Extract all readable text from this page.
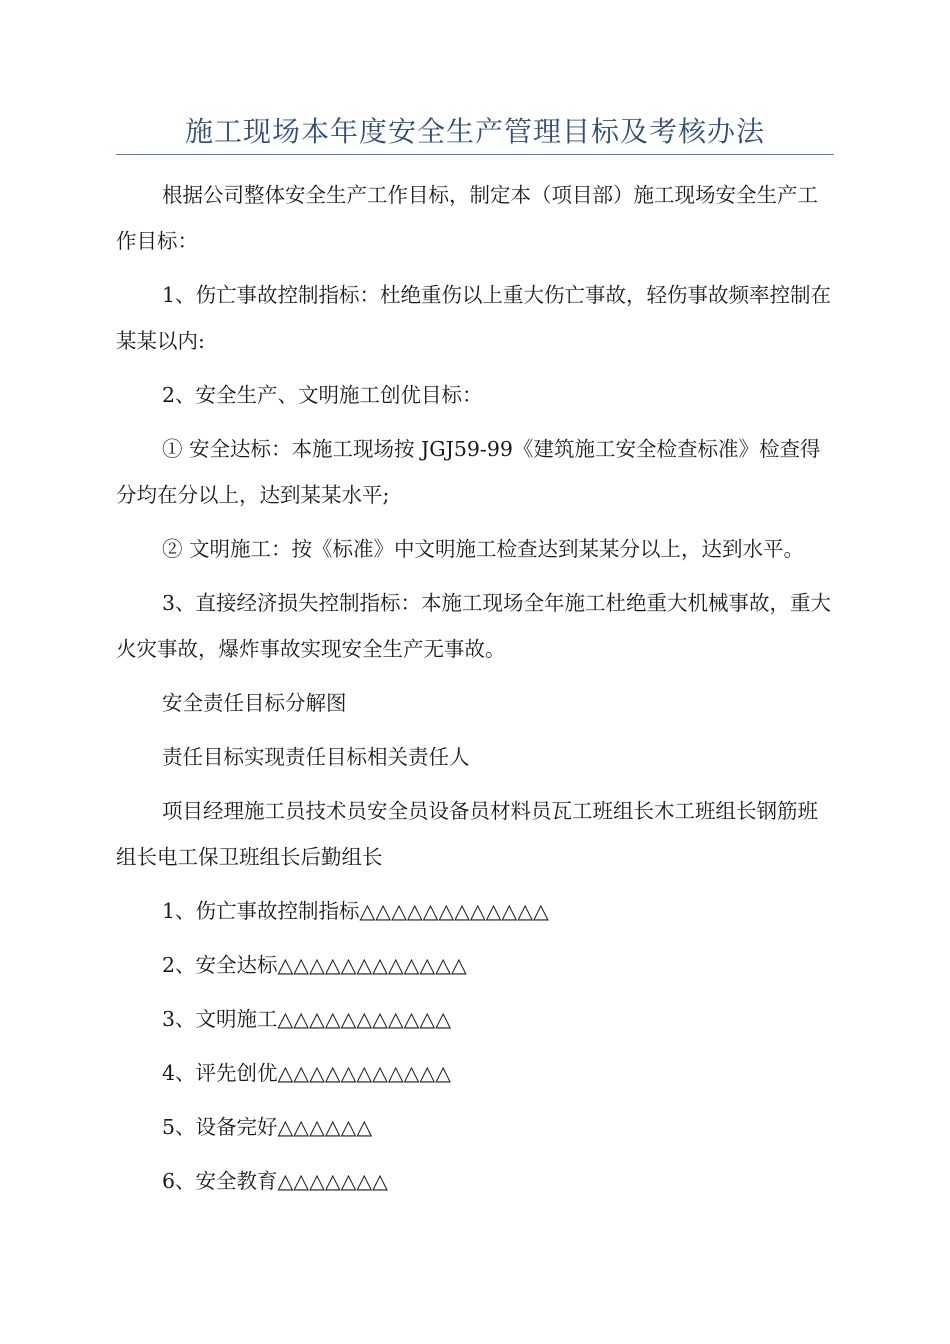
施工现场本年度安全生产管理目标及考核办法

根据公司整体安全生产工作目标，制定本（项目部）施工现场安全生产工作目标：

1、伤亡事故控制指标：杜绝重伤以上重大伤亡事故，轻伤事故频率控制在某某以内:

2、安全生产、文明施工创优目标：

① 安全达标：本施工现场按 JGJ59-99《建筑施工安全检查标准》检查得分均在分以上，达到某某水平;

② 文明施工：按《标准》中文明施工检查达到某某分以上，达到水平。

3、直接经济损失控制指标：本施工现场全年施工杜绝重大机械事故，重大火灾事故，爆炸事故实现安全生产无事故。

安全责任目标分解图

责任目标实现责任目标相关责任人

项目经理施工员技术员安全员设备员材料员瓦工班组长木工班组长钢筋班组长电工保卫班组长后勤组长

1、伤亡事故控制指标△△△△△△△△△△△△

2、安全达标△△△△△△△△△△△△

3、文明施工△△△△△△△△△△△

4、评先创优△△△△△△△△△△△

5、设备完好△△△△△△

6、安全教育△△△△△△△
